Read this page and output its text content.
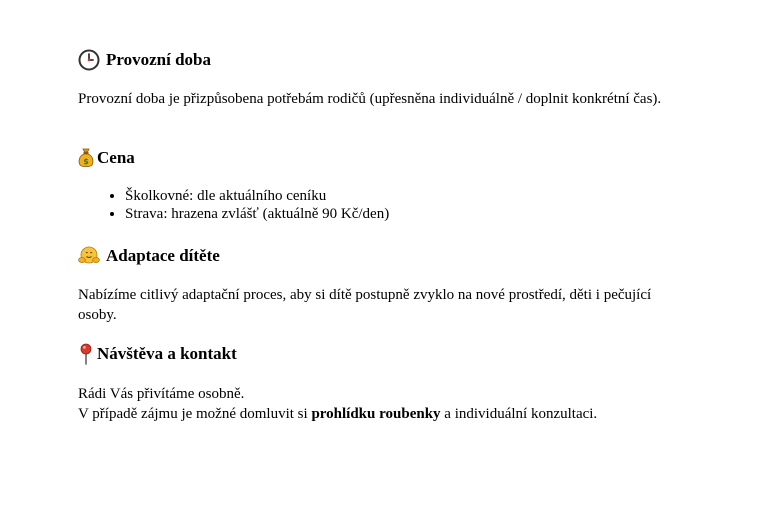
Provozní doba

Provozní doba je přizpůsobena potřebám rodičů (upřesněna individuálně / doplnit konkrétní čas).

$ Cena
• Školkovné: dle aktuálního ceníku
• Strava: hrazena zvlášť (aktuálně 90 Kč/den)
Adaptace dítěte

Nabízíme citlivý adaptační proces, aby si dítě postupně zvyklo na nové prostředí, děti i pečující osoby.

Návštěva a kontakt
Rádi Vás přivítáme osobně.
V případě zájmu je možné domluvit si prohlídku roubenky a individuální konzultaci.
